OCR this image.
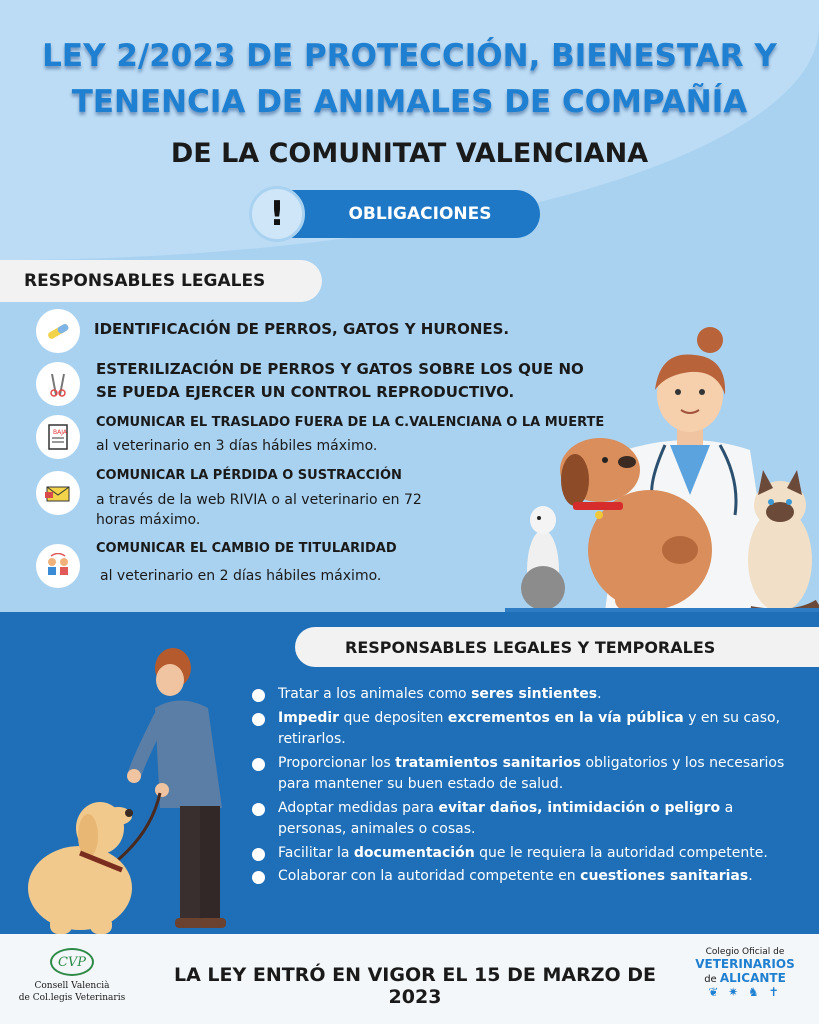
LEY 2/2023 DE PROTECCIÓN, BIENESTAR Y
TENENCIA DE ANIMALES DE COMPAÑÍA
DE LA COMUNITAT VALENCIANA
OBLIGACIONES
!
RESPONSABLES LEGALES
IDENTIFICACIÓN DE PERROS, GATOS Y HURONES.
ESTERILIZACIÓN DE PERROS Y GATOS SOBRE LOS QUE NO SE PUEDA EJERCER UN CONTROL REPRODUCTIVO.
BAJA
COMUNICAR EL TRASLADO FUERA DE LA C.VALENCIANA O LA MUERTE
al veterinario en 3 días hábiles máximo.
COMUNICAR LA PÉRDIDA O SUSTRACCIÓN
a través de la web RIVIA o al veterinario en 72 horas máximo.
COMUNICAR EL CAMBIO DE TITULARIDAD
al veterinario en 2 días hábiles máximo.
RESPONSABLES LEGALES Y TEMPORALES
Tratar a los animales como seres sintientes.
Impedir que depositen excrementos en la vía pública y en su caso, retirarlos.
Proporcionar los tratamientos sanitarios obligatorios y los necesarios para mantener su buen estado de salud.
Adoptar medidas para evitar daños, intimidación o peligro a personas, animales o cosas.
Facilitar la documentación que le requiera la autoridad competente.
Colaborar con la autoridad competente en cuestiones sanitarias.
CVP
Consell Valencià
de Col.legis Veterinaris
LA LEY ENTRÓ EN VIGOR EL 15 DE MARZO DE 2023
Colegio Oficial de
VETERINARIOS
de ALICANTE
❦ ✷ ♞ ✝
